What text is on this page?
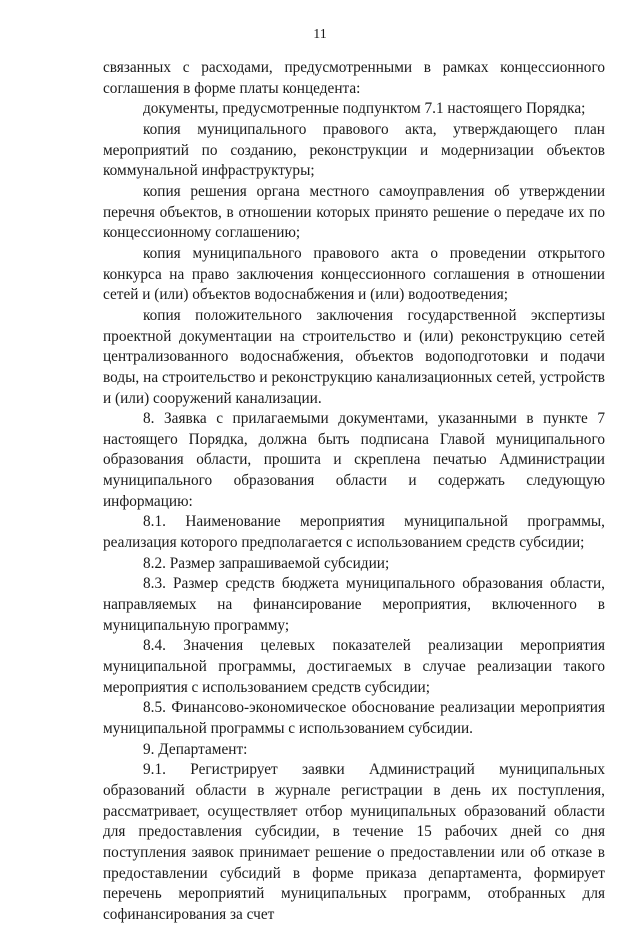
11

связанных с расходами, предусмотренными в рамках концессионного соглашения в форме платы концедента:

документы, предусмотренные подпунктом 7.1 настоящего Порядка;

копия муниципального правового акта, утверждающего план мероприятий по созданию, реконструкции и модернизации объектов коммунальной инфраструктуры;

копия решения органа местного самоуправления об утверждении перечня объектов, в отношении которых принято решение о передаче их по концессионному соглашению;

копия муниципального правового акта о проведении открытого конкурса на право заключения концессионного соглашения в отношении сетей и (или) объектов водоснабжения и (или) водоотведения;

копия положительного заключения государственной экспертизы проектной документации на строительство и (или) реконструкцию сетей централизованного водоснабжения, объектов водоподготовки и подачи воды, на строительство и реконструкцию канализационных сетей, устройств и (или) сооружений канализации.

8. Заявка с прилагаемыми документами, указанными в пункте 7 настоящего Порядка, должна быть подписана Главой муниципального образования области, прошита и скреплена печатью Администрации муниципального образования области и содержать следующую информацию:

8.1. Наименование мероприятия муниципальной программы, реализация которого предполагается с использованием средств субсидии;

8.2. Размер запрашиваемой субсидии;

8.3. Размер средств бюджета муниципального образования области, направляемых на финансирование мероприятия, включенного в муниципальную программу;

8.4. Значения целевых показателей реализации мероприятия муниципальной программы, достигаемых в случае реализации такого мероприятия с использованием средств субсидии;

8.5. Финансово-экономическое обоснование реализации мероприятия муниципальной программы с использованием субсидии.

9. Департамент:

9.1. Регистрирует заявки Администраций муниципальных образований области в журнале регистрации в день их поступления, рассматривает, осуществляет отбор муниципальных образований области для предоставления субсидии, в течение 15 рабочих дней со дня поступления заявок принимает решение о предоставлении или об отказе в предоставлении субсидий в форме приказа департамента, формирует перечень мероприятий муниципальных программ, отобранных для софинансирования за счет
